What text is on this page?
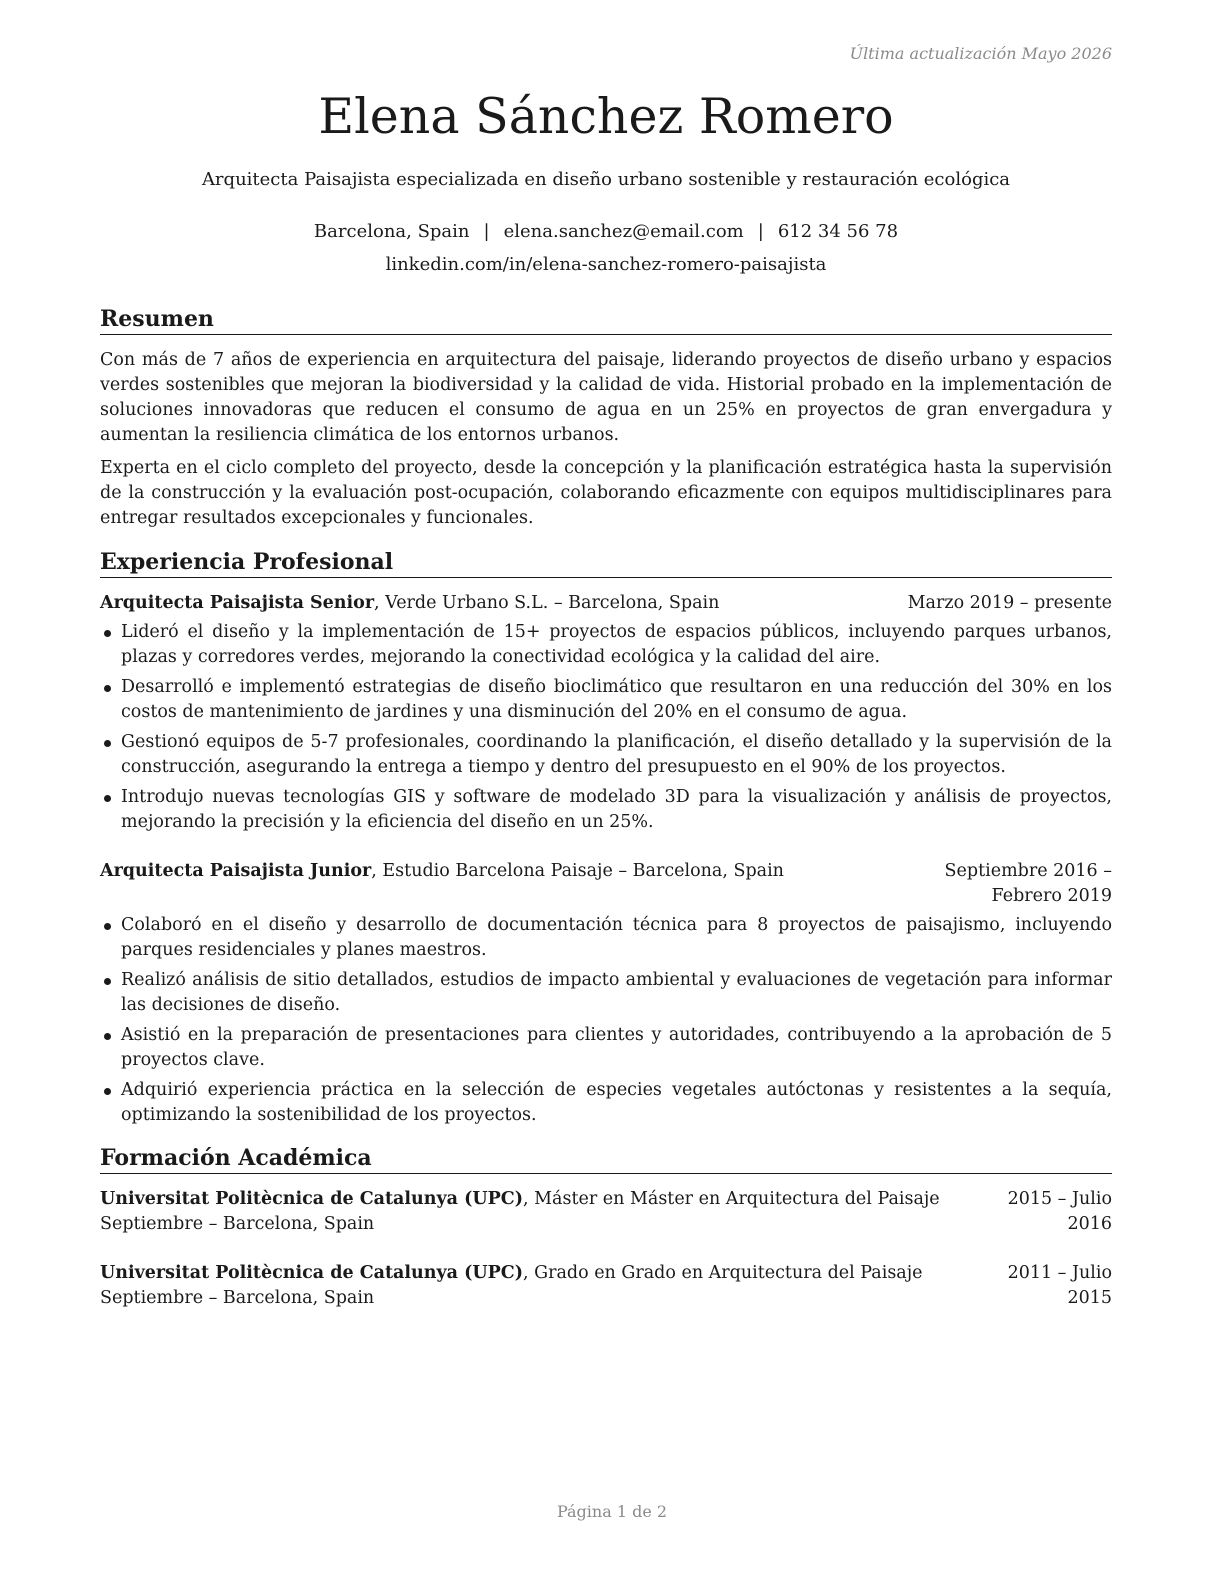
Última actualización Mayo 2026
Elena Sánchez Romero
Arquitecta Paisajista especializada en diseño urbano sostenible y restauración ecológica
Barcelona, Spain | elena.sanchez@email.com | 612 34 56 78
linkedin.com/in/elena-sanchez-romero-paisajista
Resumen

Con más de 7 años de experiencia en arquitectura del paisaje, liderando proyectos de diseño urbano y espacios verdes sostenibles que mejoran la biodiversidad y la calidad de vida. Historial probado en la implementación de soluciones innovadoras que reducen el consumo de agua en un 25% en proyectos de gran envergadura y aumentan la resiliencia climática de los entornos urbanos.

Experta en el ciclo completo del proyecto, desde la concepción y la planificación estratégica hasta la supervisión de la construcción y la evaluación post-ocupación, colaborando eficazmente con equipos multidisciplinares para entregar resultados excepcionales y funcionales.

Experiencia Profesional
Arquitecta Paisajista Senior, Verde Urbano S.L. – Barcelona, Spain	Marzo 2019 – presente
Lideró el diseño y la implementación de 15+ proyectos de espacios públicos, incluyendo parques urbanos, plazas y corredores verdes, mejorando la conectividad ecológica y la calidad del aire.
Desarrolló e implementó estrategias de diseño bioclimático que resultaron en una reducción del 30% en los costos de mantenimiento de jardines y una disminución del 20% en el consumo de agua.
Gestionó equipos de 5-7 profesionales, coordinando la planificación, el diseño detallado y la supervisión de la construcción, asegurando la entrega a tiempo y dentro del presupuesto en el 90% de los proyectos.
Introdujo nuevas tecnologías GIS y software de modelado 3D para la visualización y análisis de proyectos, mejorando la precisión y la eficiencia del diseño en un 25%.
Arquitecta Paisajista Junior, Estudio Barcelona Paisaje – Barcelona, Spain	Septiembre 2016 – Febrero 2019
Colaboró en el diseño y desarrollo de documentación técnica para 8 proyectos de paisajismo, incluyendo parques residenciales y planes maestros.
Realizó análisis de sitio detallados, estudios de impacto ambiental y evaluaciones de vegetación para informar las decisiones de diseño.
Asistió en la preparación de presentaciones para clientes y autoridades, contribuyendo a la aprobación de 5 proyectos clave.
Adquirió experiencia práctica en la selección de especies vegetales autóctonas y resistentes a la sequía, optimizando la sostenibilidad de los proyectos.
Formación Académica
Universitat Politècnica de Catalunya (UPC), Máster en Máster en Arquitectura del Paisaje Septiembre – Barcelona, Spain
2015 – Julio 2016
Universitat Politècnica de Catalunya (UPC), Grado en Grado en Arquitectura del Paisaje Septiembre – Barcelona, Spain
2011 – Julio 2015
Página 1 de 2
